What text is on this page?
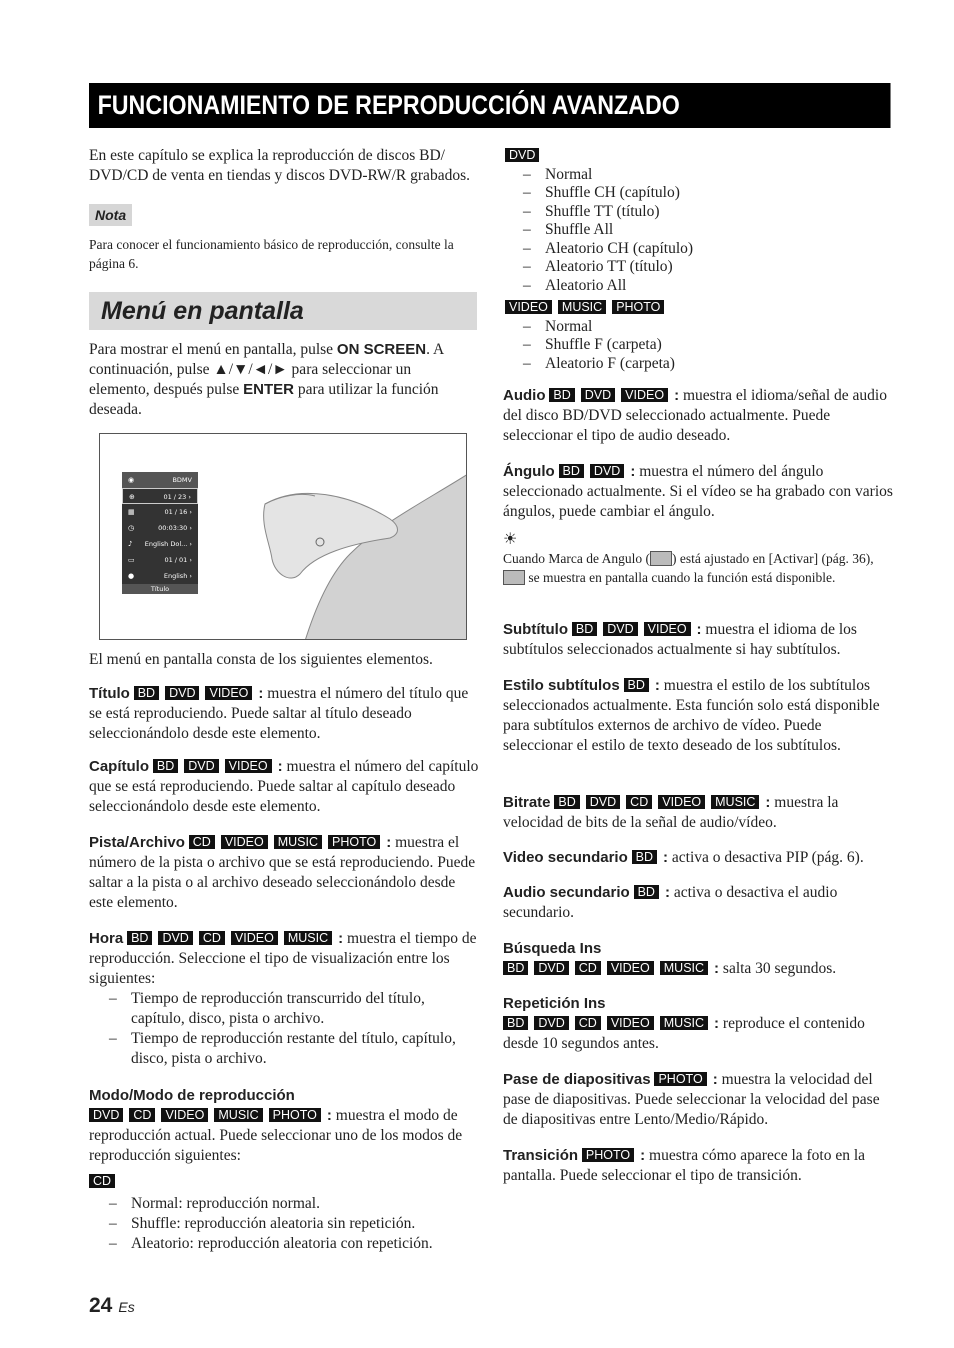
FUNCIONAMIENTO DE REPRODUCCIÓN AVANZADO

En este capítulo se explica la reproducción de discos BD/ DVD/CD de venta en tiendas y discos DVD-RW/R grabados.

Nota

Para conocer el funcionamiento básico de reproducción, consulte la página 6.

Menú en pantalla

Para mostrar el menú en pantalla, pulse ON SCREEN. A continuación, pulse ▲/▼/◄/► para seleccionar un elemento, después pulse ENTER para utilizar la función deseada.

◉	BDMV
⊕	01 / 23 ›
▦	01 / 16 ›
◷	00:03:30 ›
♪ English Dol... ›
▭	01 / 01 ›
●	English ›
Título

El menú en pantalla consta de los siguientes elementos.

Título BD DVD VIDEO : muestra el número del título que se está reproduciendo. Puede saltar al título deseado seleccionándolo desde este elemento.
Capítulo BD DVD VIDEO : muestra el número del capítulo que se está reproduciendo. Puede saltar al capítulo deseado seleccionándolo desde este elemento.
Pista/Archivo CD VIDEO MUSIC PHOTO : muestra el número de la pista o archivo que se está reproduciendo. Puede saltar a la pista o al archivo deseado seleccionándolo desde este elemento.
Hora BD DVD CD VIDEO MUSIC : muestra el tiempo de reproducción. Seleccione el tipo de visualización entre los siguientes:
– Tiempo de reproducción transcurrido del título, capítulo, disco, pista o archivo.
– Tiempo de reproducción restante del título, capítulo, disco, pista o archivo.
Modo/Modo de reproducción
DVD CD VIDEO MUSIC PHOTO : muestra el modo de reproducción actual. Puede seleccionar uno de los modos de reproducción siguientes:
CD
– Normal: reproducción normal.
– Shuffle: reproducción aleatoria sin repetición.
– Aleatorio: reproducción aleatoria con repetición.
DVD
– Normal
– Shuffle CH (capítulo)
– Shuffle TT (título)
– Shuffle All
– Aleatorio CH (capítulo)
– Aleatorio TT (título)
– Aleatorio All
VIDEO MUSIC PHOTO
– Normal
– Shuffle F (carpeta)
– Aleatorio F (carpeta)
Audio BD DVD VIDEO : muestra el idioma/señal de audio del disco BD/DVD seleccionado actualmente. Puede seleccionar el tipo de audio deseado.
Ángulo BD DVD : muestra el número del ángulo seleccionado actualmente. Si el vídeo se ha grabado con varios ángulos, puede cambiar el ángulo.
☀
Cuando Marca de Angulo ( ) está ajustado en [Activar] (pág. 36),  se muestra en pantalla cuando la función está disponible.
Subtítulo BD DVD VIDEO : muestra el idioma de los subtítulos seleccionados actualmente si hay subtítulos.
Estilo subtítulos BD : muestra el estilo de los subtítulos seleccionados actualmente. Esta función solo está disponible para subtítulos externos de archivo de vídeo. Puede seleccionar el estilo de texto deseado de los subtítulos.
Bitrate BD DVD CD VIDEO MUSIC : muestra la velocidad de bits de la señal de audio/vídeo.
Video secundario BD : activa o desactiva PIP (pág. 6).
Audio secundario BD : activa o desactiva el audio secundario.
Búsqueda Ins
BD DVD CD VIDEO MUSIC : salta 30 segundos.
Repetición Ins
BD DVD CD VIDEO MUSIC : reproduce el contenido desde 10 segundos antes.
Pase de diapositivas PHOTO : muestra la velocidad del pase de diapositivas. Puede seleccionar la velocidad del pase de diapositivas entre Lento/Medio/Rápido.
Transición PHOTO : muestra cómo aparece la foto en la pantalla. Puede seleccionar el tipo de transición.
24 Es
